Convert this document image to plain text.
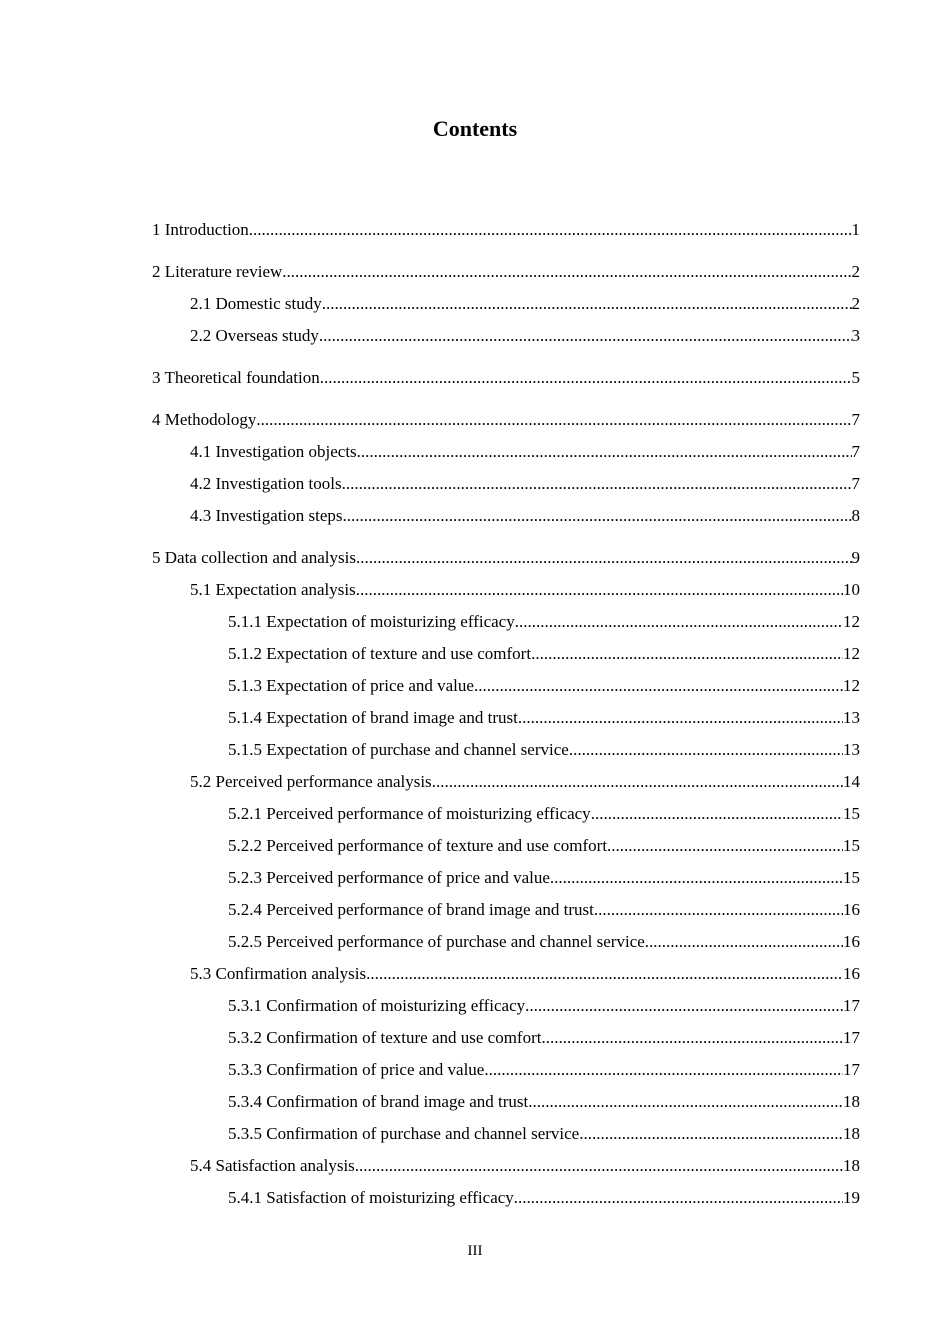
Contents
1 Introduction .....	1
2 Literature review .....	2
2.1 Domestic study .....	2
2.2 Overseas study .....	3
3 Theoretical foundation .....	5
4 Methodology .....	7
4.1 Investigation objects .....	7
4.2 Investigation tools .....	7
4.3 Investigation steps .....	8
5 Data collection and analysis .....	9
5.1 Expectation analysis .....	10
5.1.1 Expectation of moisturizing efficacy .....	12
5.1.2 Expectation of texture and use comfort .....	12
5.1.3 Expectation of price and value .....	12
5.1.4 Expectation of brand image and trust .....	13
5.1.5 Expectation of purchase and channel service .....	13
5.2 Perceived performance analysis .....	14
5.2.1 Perceived performance of moisturizing efficacy .....	15
5.2.2 Perceived performance of texture and use comfort .....	15
5.2.3 Perceived performance of price and value .....	15
5.2.4 Perceived performance of brand image and trust .....	16
5.2.5 Perceived performance of purchase and channel service .....	16
5.3 Confirmation analysis .....	16
5.3.1 Confirmation of moisturizing efficacy .....	17
5.3.2 Confirmation of texture and use comfort .....	17
5.3.3 Confirmation of price and value .....	17
5.3.4 Confirmation of brand image and trust .....	18
5.3.5 Confirmation of purchase and channel service .....	18
5.4 Satisfaction analysis .....	18
5.4.1 Satisfaction of moisturizing efficacy .....	19
III
